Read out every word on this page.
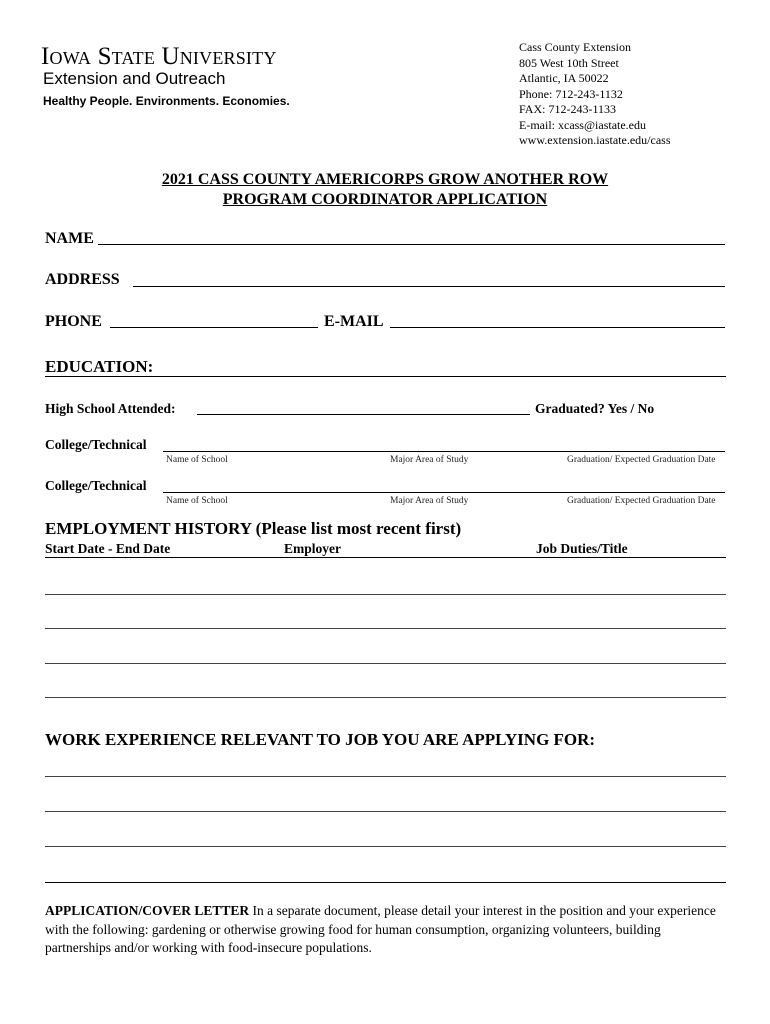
Iowa State University
Extension and Outreach
Healthy People. Environments. Economies.
Cass County Extension
805 West 10th Street
Atlantic, IA 50022
Phone: 712-243-1132
FAX: 712-243-1133
E-mail: xcass@iastate.edu
www.extension.iastate.edu/cass
2021 CASS COUNTY AMERICORPS GROW ANOTHER ROW
PROGRAM COORDINATOR APPLICATION
NAME
ADDRESS
PHONE	E-MAIL
EDUCATION:
High School Attended:	Graduated? Yes / No
College/Technical
Name of School	Major Area of Study	Graduation/ Expected Graduation Date
College/Technical
Name of School	Major Area of Study	Graduation/ Expected Graduation Date
EMPLOYMENT HISTORY (Please list most recent first)
Start Date - End Date	Employer	Job Duties/Title
WORK EXPERIENCE RELEVANT TO JOB YOU ARE APPLYING FOR:
APPLICATION/COVER LETTER In a separate document, please detail your interest in the position and your experience with the following: gardening or otherwise growing food for human consumption, organizing volunteers, building partnerships and/or working with food-insecure populations.
